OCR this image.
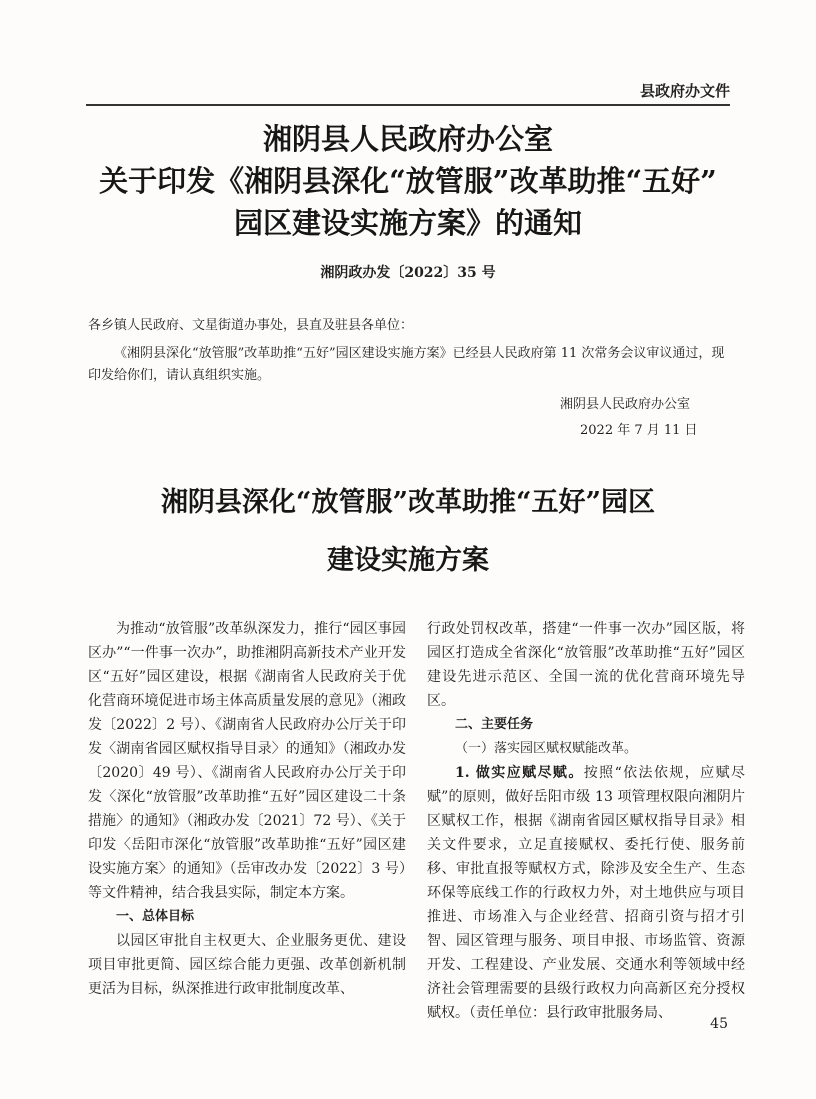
县政府办文件
湘阴县人民政府办公室
关于印发《湘阴县深化“放管服”改革助推“五好”
园区建设实施方案》的通知
湘阴政办发〔2022〕35 号
各乡镇人民政府、文星街道办事处，县直及驻县各单位：
《湘阴县深化“放管服”改革助推“五好”园区建设实施方案》已经县人民政府第 11 次常务会议审议通过，现印发给你们，请认真组织实施。
湘阴县人民政府办公室
2022 年 7 月 11 日
湘阴县深化“放管服”改革助推“五好”园区
建设实施方案

为推动“放管服”改革纵深发力，推行“园区事园区办”“一件事一次办”，助推湘阴高新技术产业开发区“五好”园区建设，根据《湖南省人民政府关于优化营商环境促进市场主体高质量发展的意见》（湘政发〔2022〕2 号）、《湖南省人民政府办公厅关于印发〈湖南省园区赋权指导目录〉的通知》（湘政办发〔2020〕49 号）、《湖南省人民政府办公厅关于印发〈深化“放管服”改革助推“五好”园区建设二十条措施〉的通知》（湘政办发〔2021〕72 号）、《关于印发〈岳阳市深化“放管服”改革助推“五好”园区建设实施方案〉的通知》（岳审改办发〔2022〕3 号）等文件精神，结合我县实际，制定本方案。

一、总体目标

以园区审批自主权更大、企业服务更优、建设项目审批更简、园区综合能力更强、改革创新机制更活为目标，纵深推进行政审批制度改革、

行政处罚权改革，搭建“一件事一次办”园区版，将园区打造成全省深化“放管服”改革助推“五好”园区建设先进示范区、全国一流的优化营商环境先导区。

二、主要任务

（一）落实园区赋权赋能改革。

1. 做实应赋尽赋。按照“依法依规，应赋尽赋”的原则，做好岳阳市级 13 项管理权限向湘阴片区赋权工作，根据《湖南省园区赋权指导目录》相关文件要求，立足直接赋权、委托行使、服务前移、审批直报等赋权方式，除涉及安全生产、生态环保等底线工作的行政权力外，对土地供应与项目推进、市场准入与企业经营、招商引资与招才引智、园区管理与服务、项目申报、市场监管、资源开发、工程建设、产业发展、交通水利等领域中经济社会管理需要的县级行政权力向高新区充分授权赋权。（责任单位：县行政审批服务局、

45
